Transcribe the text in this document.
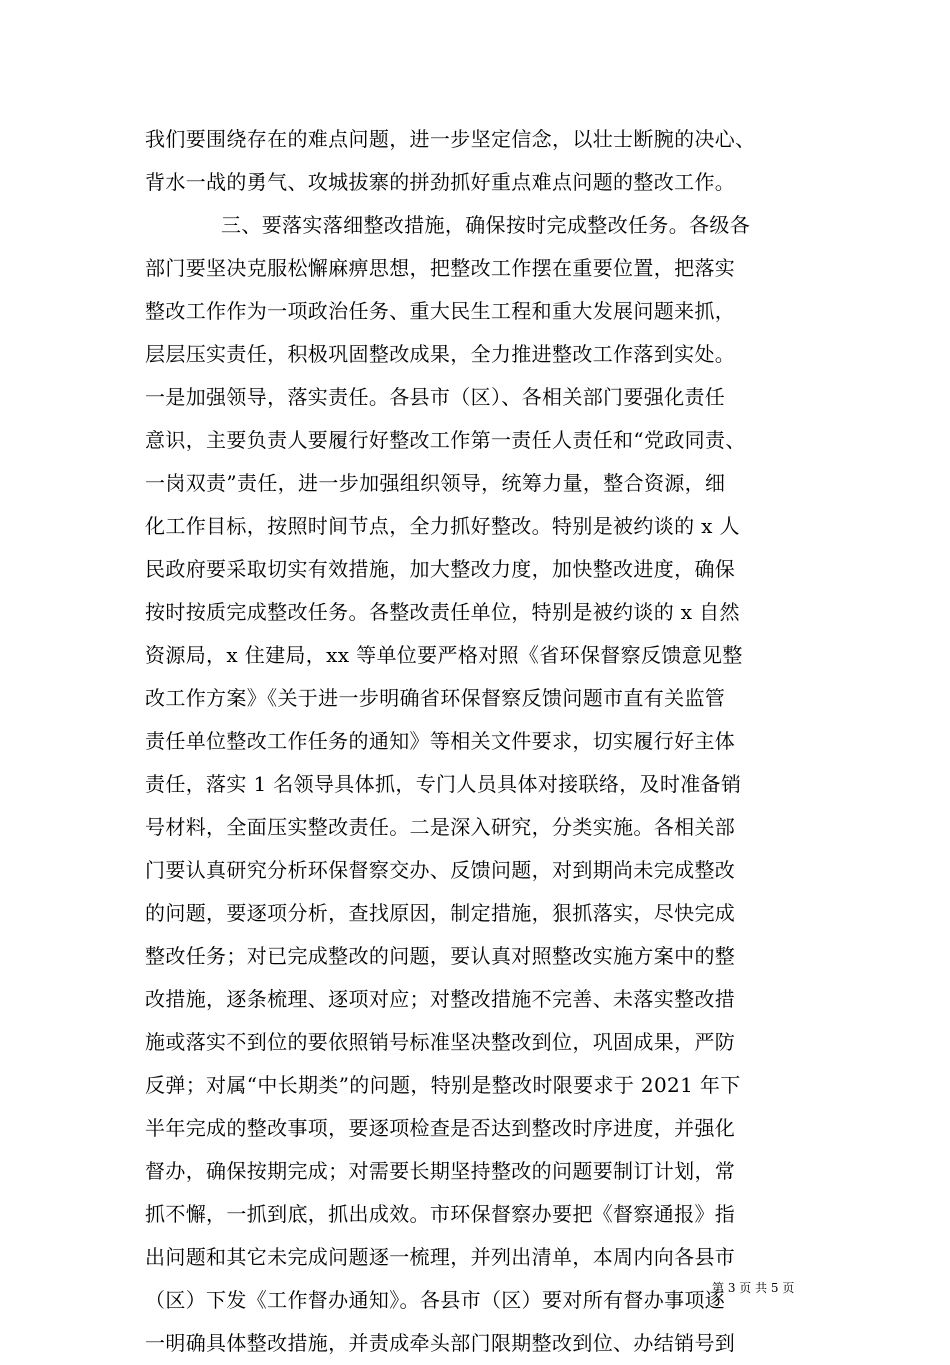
我们要围绕存在的难点问题，进一步坚定信念，以壮士断腕的决心、
背水一战的勇气、攻城拔寨的拼劲抓好重点难点问题的整改工作。
三、要落实落细整改措施，确保按时完成整改任务。各级各
部门要坚决克服松懈麻痹思想，把整改工作摆在重要位置，把落实
整改工作作为一项政治任务、重大民生工程和重大发展问题来抓，
层层压实责任，积极巩固整改成果，全力推进整改工作落到实处。
一是加强领导，落实责任。各县市（区）、各相关部门要强化责任
意识，主要负责人要履行好整改工作第一责任人责任和“党政同责、
一岗双责”责任，进一步加强组织领导，统筹力量，整合资源，细
化工作目标，按照时间节点，全力抓好整改。特别是被约谈的 x 人
民政府要采取切实有效措施，加大整改力度，加快整改进度，确保
按时按质完成整改任务。各整改责任单位，特别是被约谈的 x 自然
资源局，x 住建局，xx 等单位要严格对照《省环保督察反馈意见整
改工作方案》《关于进一步明确省环保督察反馈问题市直有关监管
责任单位整改工作任务的通知》等相关文件要求，切实履行好主体
责任，落实 1 名领导具体抓，专门人员具体对接联络，及时准备销
号材料，全面压实整改责任。二是深入研究，分类实施。各相关部
门要认真研究分析环保督察交办、反馈问题，对到期尚未完成整改
的问题，要逐项分析，查找原因，制定措施，狠抓落实，尽快完成
整改任务；对已完成整改的问题，要认真对照整改实施方案中的整
改措施，逐条梳理、逐项对应；对整改措施不完善、未落实整改措
施或落实不到位的要依照销号标准坚决整改到位，巩固成果，严防
反弹；对属“中长期类”的问题，特别是整改时限要求于 2021 年下
半年完成的整改事项，要逐项检查是否达到整改时序进度，并强化
督办，确保按期完成；对需要长期坚持整改的问题要制订计划，常
抓不懈，一抓到底，抓出成效。市环保督察办要把《督察通报》指
出问题和其它未完成问题逐一梳理，并列出清单，本周内向各县市
（区）下发《工作督办通知》。各县市（区）要对所有督办事项逐
一明确具体整改措施，并责成牵头部门限期整改到位、办结销号到
第 3 页 共 5 页
